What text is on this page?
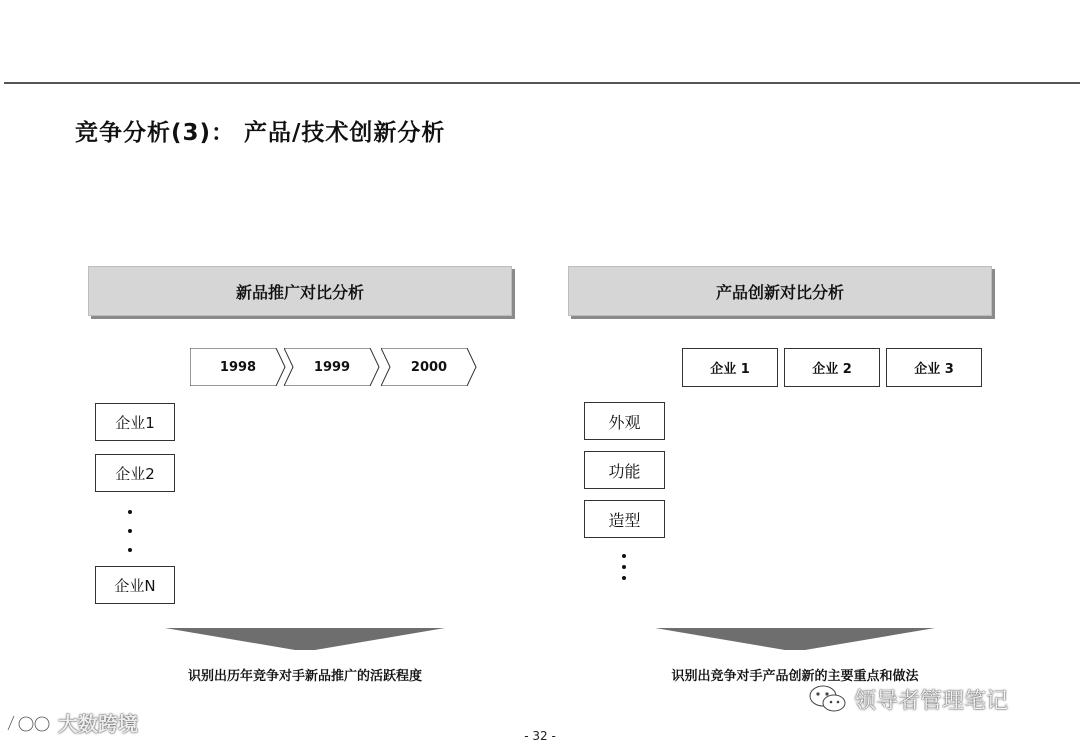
竞争分析(3)： 产品/技术创新分析
新品推广对比分析
1998	1999	2000
企业1
企业2
企业N
识别出历年竞争对手新品推广的活跃程度
产品创新对比分析
企业 1	企业 2	企业 3
外观
功能
造型
识别出竞争对手产品创新的主要重点和做法
- 32 -
大数跨境
领导者管理笔记
